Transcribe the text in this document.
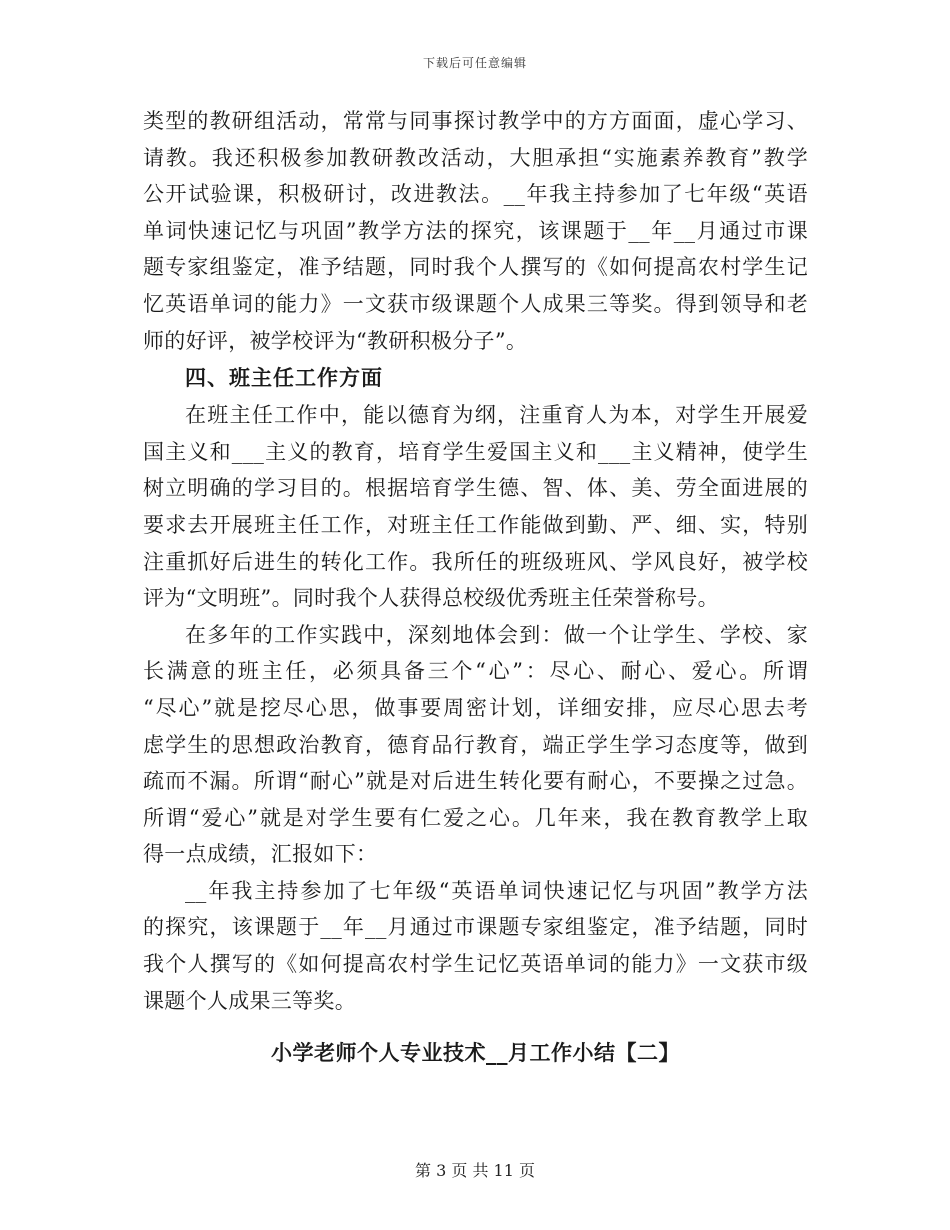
下载后可任意编辑
类型的教研组活动，常常与同事探讨教学中的方方面面，虚心学习、
请教。我还积极参加教研教改活动，大胆承担“实施素养教育”教学
公开试验课，积极研讨，改进教法。__年我主持参加了七年级“英语
单词快速记忆与巩固”教学方法的探究，该课题于__年__月通过市课
题专家组鉴定，准予结题，同时我个人撰写的《如何提高农村学生记
忆英语单词的能力》一文获市级课题个人成果三等奖。得到领导和老
师的好评，被学校评为“教研积极分子”。
四、班主任工作方面
在班主任工作中，能以德育为纲，注重育人为本，对学生开展爱
国主义和___主义的教育，培育学生爱国主义和___主义精神，使学生
树立明确的学习目的。根据培育学生德、智、体、美、劳全面进展的
要求去开展班主任工作，对班主任工作能做到勤、严、细、实，特别
注重抓好后进生的转化工作。我所任的班级班风、学风良好，被学校
评为“文明班”。同时我个人获得总校级优秀班主任荣誉称号。
在多年的工作实践中，深刻地体会到：做一个让学生、学校、家
长满意的班主任，必须具备三个“心”：尽心、耐心、爱心。所谓
“尽心”就是挖尽心思，做事要周密计划，详细安排，应尽心思去考
虑学生的思想政治教育，德育品行教育，端正学生学习态度等，做到
疏而不漏。所谓“耐心”就是对后进生转化要有耐心，不要操之过急。
所谓“爱心”就是对学生要有仁爱之心。几年来，我在教育教学上取
得一点成绩，汇报如下：
__年我主持参加了七年级“英语单词快速记忆与巩固”教学方法
的探究，该课题于__年__月通过市课题专家组鉴定，准予结题，同时
我个人撰写的《如何提高农村学生记忆英语单词的能力》一文获市级
课题个人成果三等奖。
小学老师个人专业技术__月工作小结【二】
第 3 页 共 11 页
